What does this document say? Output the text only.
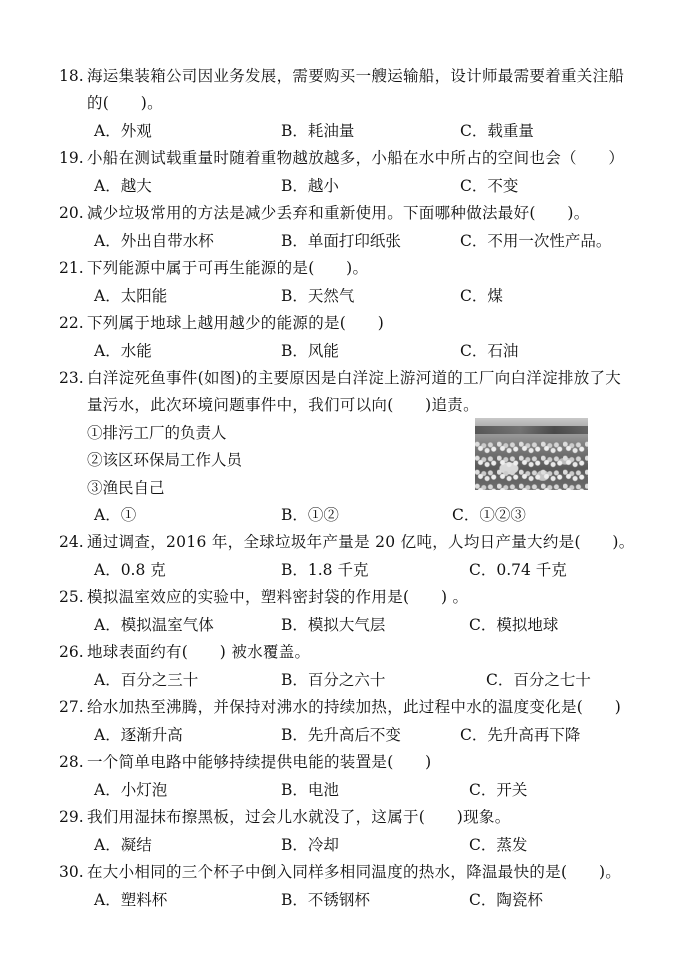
18. 海运集装箱公司因业务发展，需要购买一艘运输船，设计师最需要着重关注船
的(　　)。
A．外观	B．耗油量	C．载重量
19. 小船在测试载重量时随着重物越放越多，小船在水中所占的空间也会（　　）
A．越大	B．越小	C．不变
20. 减少垃圾常用的方法是减少丢弃和重新使用。下面哪种做法最好(　　)。
A．外出自带水杯	B．单面打印纸张	C．不用一次性产品。
21. 下列能源中属于可再生能源的是(　　)。
A．太阳能	B．天然气	C．煤
22. 下列属于地球上越用越少的能源的是(　　)
A．水能	B．风能	C．石油
23. 白洋淀死鱼事件(如图)的主要原因是白洋淀上游河道的工厂向白洋淀排放了大
量污水，此次环境问题事件中，我们可以向(　　)追责。
①排污工厂的负责人
②该区环保局工作人员
③渔民自己
A．①	B．①②	C．①②③
24. 通过调查，2016 年，全球垃圾年产量是 20 亿吨，人均日产量大约是(　　)。
A．0.8 克	B．1.8 千克	C．0.74 千克
25. 模拟温室效应的实验中，塑料密封袋的作用是(　　) 。
A．模拟温室气体	B．模拟大气层	C．模拟地球
26. 地球表面约有(　　) 被水覆盖。
A．百分之三十	B．百分之六十	C．百分之七十
27. 给水加热至沸腾，并保持对沸水的持续加热，此过程中水的温度变化是(　　)
A．逐渐升高	B．先升高后不变	C．先升高再下降
28. 一个简单电路中能够持续提供电能的装置是(　　)
A．小灯泡	B．电池	C．开关
29. 我们用湿抹布擦黑板，过会儿水就没了，这属于(　　)现象。
A．凝结	B．冷却	C．蒸发
30. 在大小相同的三个杯子中倒入同样多相同温度的热水，降温最快的是(　　)。
A．塑料杯	B．不锈钢杯	C．陶瓷杯
